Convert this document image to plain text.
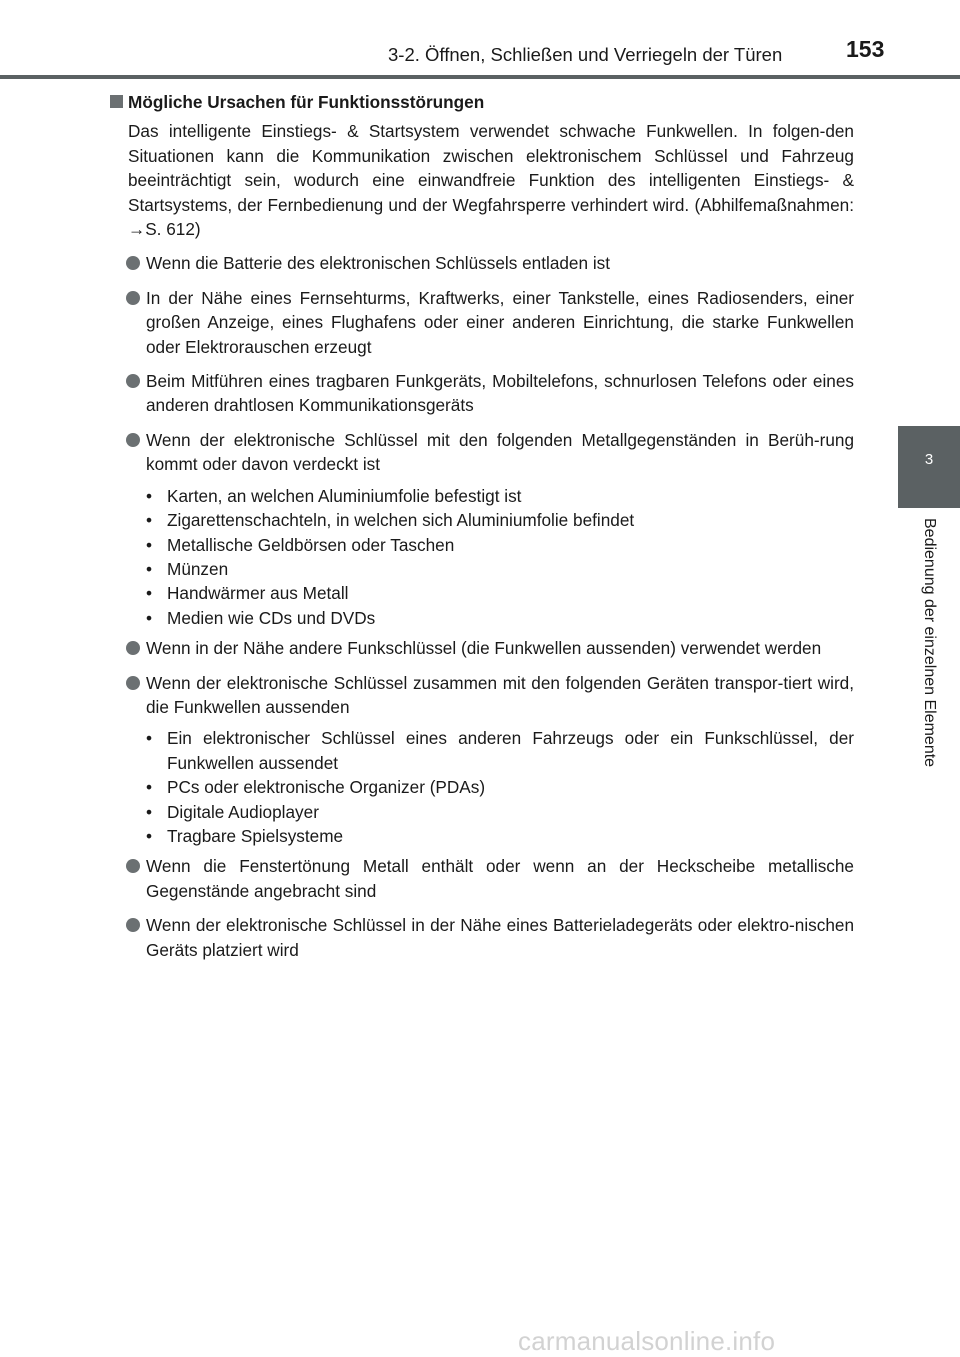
3-2. Öffnen, Schließen und Verriegeln der Türen	153
3
Bedienung der einzelnen Elemente
Mögliche Ursachen für Funktionsstörungen
Das intelligente Einstiegs- & Startsystem verwendet schwache Funkwellen. In folgen-den Situationen kann die Kommunikation zwischen elektronischem Schlüssel und Fahrzeug beeinträchtigt sein, wodurch eine einwandfreie Funktion des intelligenten Einstiegs- & Startsystems, der Fernbedienung und der Wegfahrsperre verhindert wird. (Abhilfemaßnahmen: →S. 612)
Wenn die Batterie des elektronischen Schlüssels entladen ist
In der Nähe eines Fernsehturms, Kraftwerks, einer Tankstelle, eines Radiosenders, einer großen Anzeige, eines Flughafens oder einer anderen Einrichtung, die starke Funkwellen oder Elektrorauschen erzeugt
Beim Mitführen eines tragbaren Funkgeräts, Mobiltelefons, schnurlosen Telefons oder eines anderen drahtlosen Kommunikationsgeräts
Wenn der elektronische Schlüssel mit den folgenden Metallgegenständen in Berüh-rung kommt oder davon verdeckt ist
• Karten, an welchen Aluminiumfolie befestigt ist
• Zigarettenschachteln, in welchen sich Aluminiumfolie befindet
• Metallische Geldbörsen oder Taschen
• Münzen
• Handwärmer aus Metall
• Medien wie CDs und DVDs
Wenn in der Nähe andere Funkschlüssel (die Funkwellen aussenden) verwendet werden
Wenn der elektronische Schlüssel zusammen mit den folgenden Geräten transpor-tiert wird, die Funkwellen aussenden
• Ein elektronischer Schlüssel eines anderen Fahrzeugs oder ein Funkschlüssel, der Funkwellen aussendet
• PCs oder elektronische Organizer (PDAs)
• Digitale Audioplayer
• Tragbare Spielsysteme
Wenn die Fenstertönung Metall enthält oder wenn an der Heckscheibe metallische Gegenstände angebracht sind
Wenn der elektronische Schlüssel in der Nähe eines Batterieladegeräts oder elektro-nischen Geräts platziert wird
carmanualsonline.info
